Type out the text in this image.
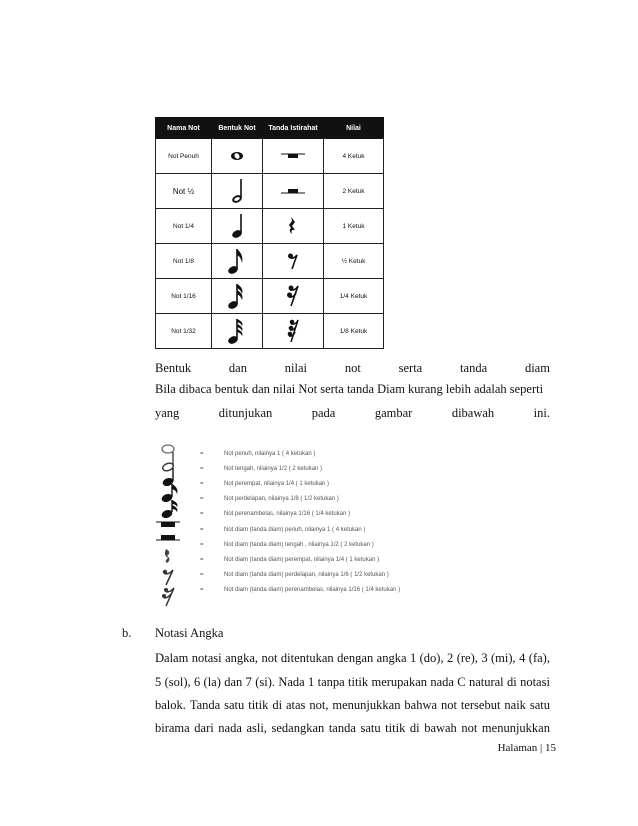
Nama Not	Bentuk Not	Tanda Istirahat	Nilai
Not Penuh			4 Ketuk
Not ½			2 Ketuk
Not 1/4			1 Ketuk
Not 1/8			½ Ketuk
Not 1/16			1/4 Ketuk
Not 1/32			1/8 Ketuk
Bentuk	dan	nilai	not	serta	tanda	diam
Bila dibaca bentuk dan nilai Not serta tanda Diam kurang lebih adalah seperti
yang	ditunjukan	pada	gambar	dibawah	ini.
=	Not penuh, nilainya 1 ( 4 ketukan )
=	Not tengah, nilainya 1/2 ( 2 ketukan )
=	Not perempat, nilainya 1/4 ( 1 ketukan )
=	Not perdelapan, nilainya 1/8 ( 1/2 ketukan )
=	Not perenambelas, nilainya 1/16 ( 1/4 ketukan )
=	Not diam (tanda diam) penuh, nilainya 1 ( 4 ketukan )
=	Not diam (tanda diam) tengah , nilainya 1/2 ( 2 ketukan )
=	Not diam (tanda diam) perempat, nilainya 1/4 ( 1 ketukan )
=	Not diam (tanda diam) perdelapan, nilainya 1/6 ( 1/2 ketukan )
=	Not diam (tanda diam) perenambelas, nilainya 1/16 ( 1/4 ketukan )
b. Notasi Angka
Dalam notasi angka, not ditentukan dengan angka 1 (do), 2 (re), 3 (mi), 4 (fa),
5 (sol), 6 (la) dan 7 (si). Nada 1 tanpa titik merupakan nada C natural di notasi
balok. Tanda satu titik di atas not, menunjukkan bahwa not tersebut naik satu
birama dari nada asli, sedangkan tanda satu titik di bawah not menunjukkan
Halaman | 15
